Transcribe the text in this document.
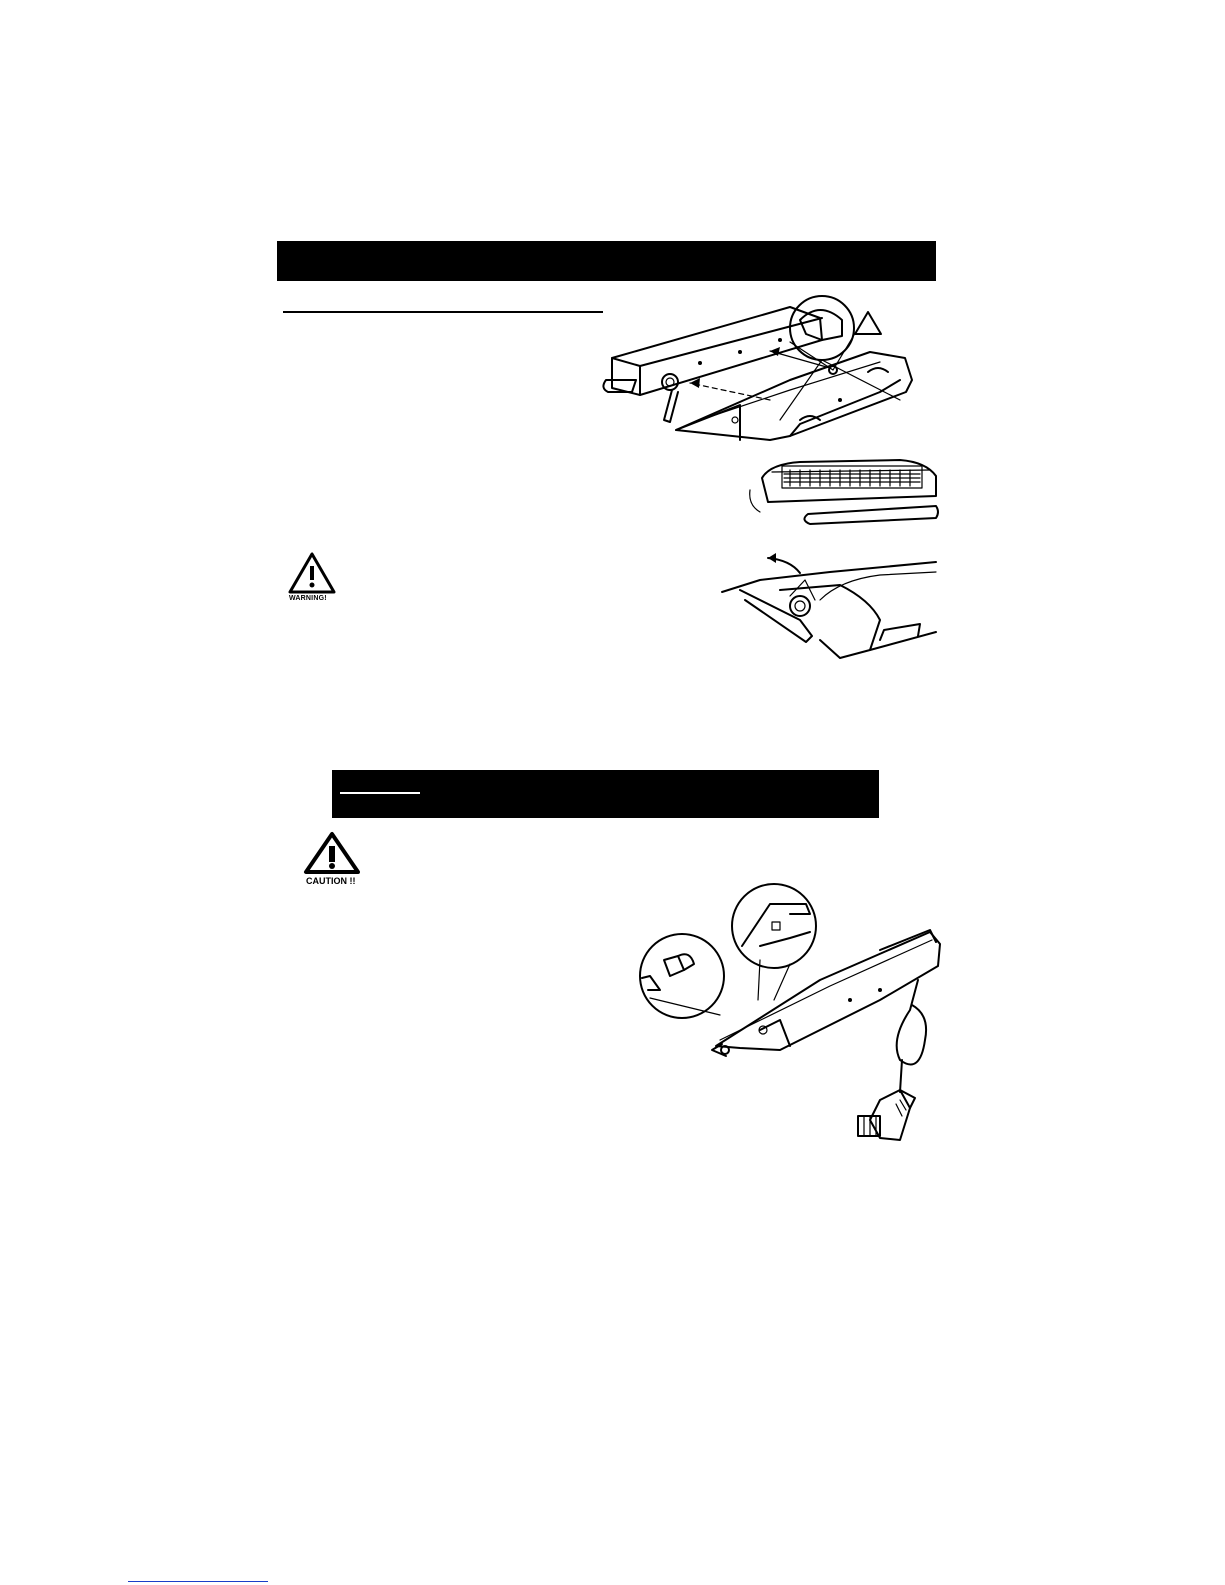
WARNING!
CAUTION !!
